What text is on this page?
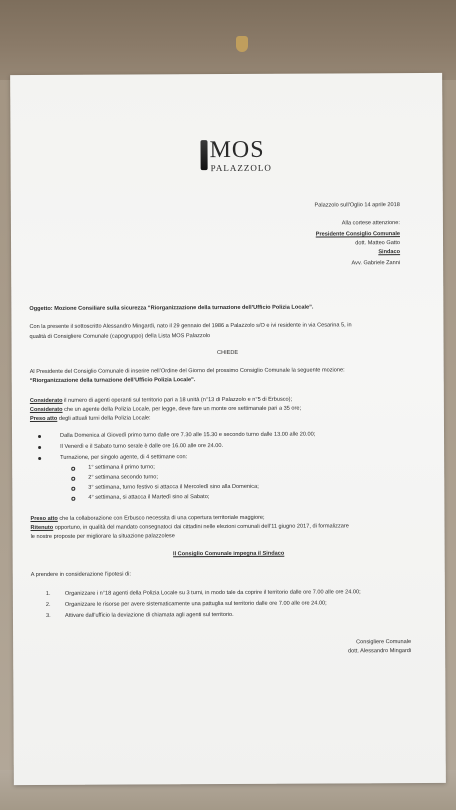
MOS
PALAZZOLO
Palazzolo sull'Oglio 14 aprile 2018
Alla cortese attenzione:
Presidente Consiglio Comunale
dott. Matteo Gatto
Sindaco
Avv. Gabriele Zanni
Oggetto: Mozione Consiliare sulla sicurezza “Riorganizzazione della turnazione dell’Ufficio Polizia Locale”.
Con la presente il sottoscritto Alessandro Mingardi, nato il 29 gennaio del 1986 a Palazzolo s/O e ivi residente in via Cesarina 5, in
qualità di Consigliere Comunale (capogruppo) della Lista MOS Palazzolo
CHIEDE
Al Presidente del Consiglio Comunale di inserire nell’Ordine del Giorno del prossimo Consiglio Comunale la seguente mozione:
“Riorganizzazione della turnazione dell’Ufficio Polizia Locale”.
Considerato il numero di agenti operanti sul territorio pari a 18 unità (n°13 di Palazzolo e n°5 di Erbusco);
Considerato che un agente della Polizia Locale, per legge, deve fare un monte ore settimanale pari a 35 ore;
Preso atto degli attuali turni della Polizia Locale:
Dalla Domenica al Giovedì primo turno dalle ore 7.30 alle 15.30 e secondo turno dalle 13.00 alle 20.00;
Il Venerdì e il Sabato turno serale è dalle ore 16.00 alle ore 24.00.
Turnazione, per singolo agente, di 4 settimane con:
1° settimana il primo turno;
2° settimana secondo turno;
3° settimana, turno festivo si attacca il Mercoledì sino alla Domenica;
4° settimana, si attacca il Martedì sino al Sabato;
Preso atto che la collaborazione con Erbusco necessita di una copertura territoriale maggiore;
Ritenuto opportuno, in qualità del mandato consegnatoci dai cittadini nelle elezioni comunali dell’11 giugno 2017, di formalizzare
le nostre proposte per migliorare la situazione palazzolese
Il Consiglio Comunale impegna il Sindaco
A prendere in considerazione l’ipotesi di:
1.	Organizzare i n°18 agenti della Polizia Locale su 3 turni, in modo tale da coprire il territorio dalle ore 7.00 alle ore 24.00;
2.	Organizzare le risorse per avere sistematicamente una pattuglia sul territorio dalle ore 7.00 alle ore 24.00;
3.	Attivare dall’ufficio la deviazione di chiamata agli agenti sul territorio.
Consigliere Comunale
dott. Alessandro Mingardi
